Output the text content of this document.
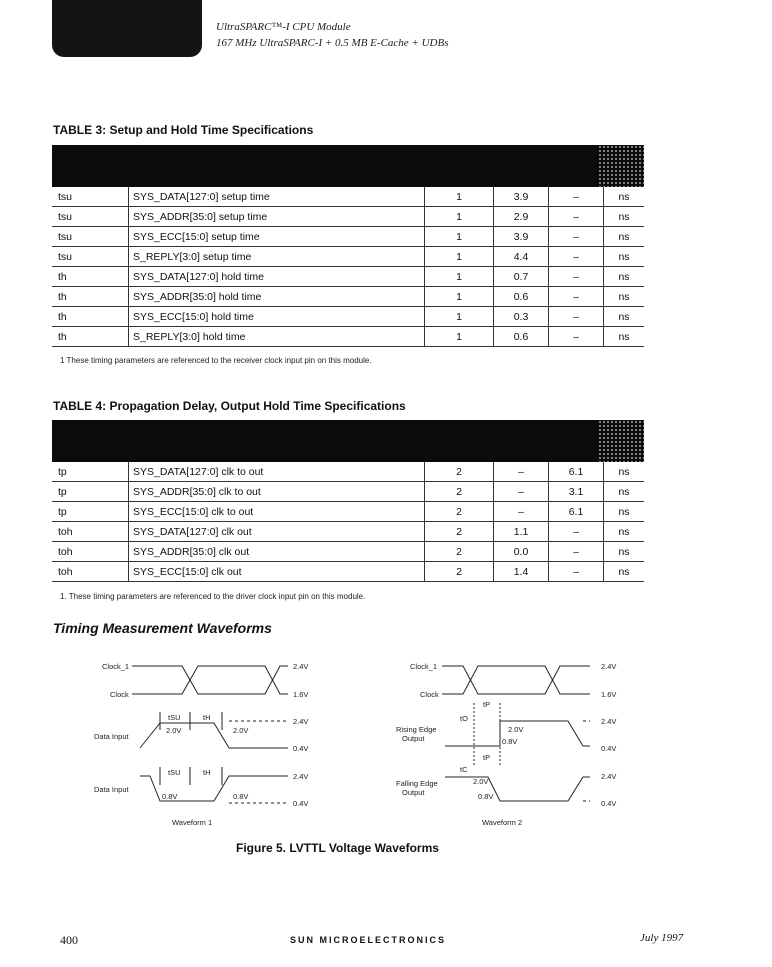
UltraSPARC™-I CPU Module
167 MHz UltraSPARC-I + 0.5 MB E-Cache + UDBs
TABLE 3: Setup and Hold Time Specifications
tsu	SYS_DATA[127:0] setup time	1	3.9	–	ns
tsu	SYS_ADDR[35:0] setup time	1	2.9	–	ns
tsu	SYS_ECC[15:0] setup time	1	3.9	–	ns
tsu	S_REPLY[3:0] setup time	1	4.4	–	ns
th	SYS_DATA[127:0] hold time	1	0.7	–	ns
th	SYS_ADDR[35:0] hold time	1	0.6	–	ns
th	SYS_ECC[15:0] hold time	1	0.3	–	ns
th	S_REPLY[3:0] hold time	1	0.6	–	ns
1 These timing parameters are referenced to the receiver clock input pin on this module.
TABLE 4: Propagation Delay, Output Hold Time Specifications
tp	SYS_DATA[127:0] clk to out	2	–	6.1	ns
tp	SYS_ADDR[35:0] clk to out	2	–	3.1	ns
tp	SYS_ECC[15:0] clk to out	2	–	6.1	ns
toh	SYS_DATA[127:0] clk out	2	1.1	–	ns
toh	SYS_ADDR[35:0] clk out	2	0.0	–	ns
toh	SYS_ECC[15:0] clk out	2	1.4	–	ns
1. These timing parameters are referenced to the driver clock input pin on this module.
Timing Measurement Waveforms
Clock_1
Clock
2.4V
1.6V
Data Input
2.4V
0.4V
2.0V	2.0V
tSU	tH
Data Input
2.4V
0.4V
0.8V	0.8V
tSU	tH
Waveform 1
Clock_1
Clock
2.4V
1.6V
tP
tO
Rising Edge
Output
2.0V
0.8V
2.4V
0.4V
tP
tC
Falling Edge
Output
2.0V
0.8V
2.4V
0.4V
Waveform 2
Figure 5. LVTTL Voltage Waveforms
400	SUN MICROELECTRONICS	July 1997
